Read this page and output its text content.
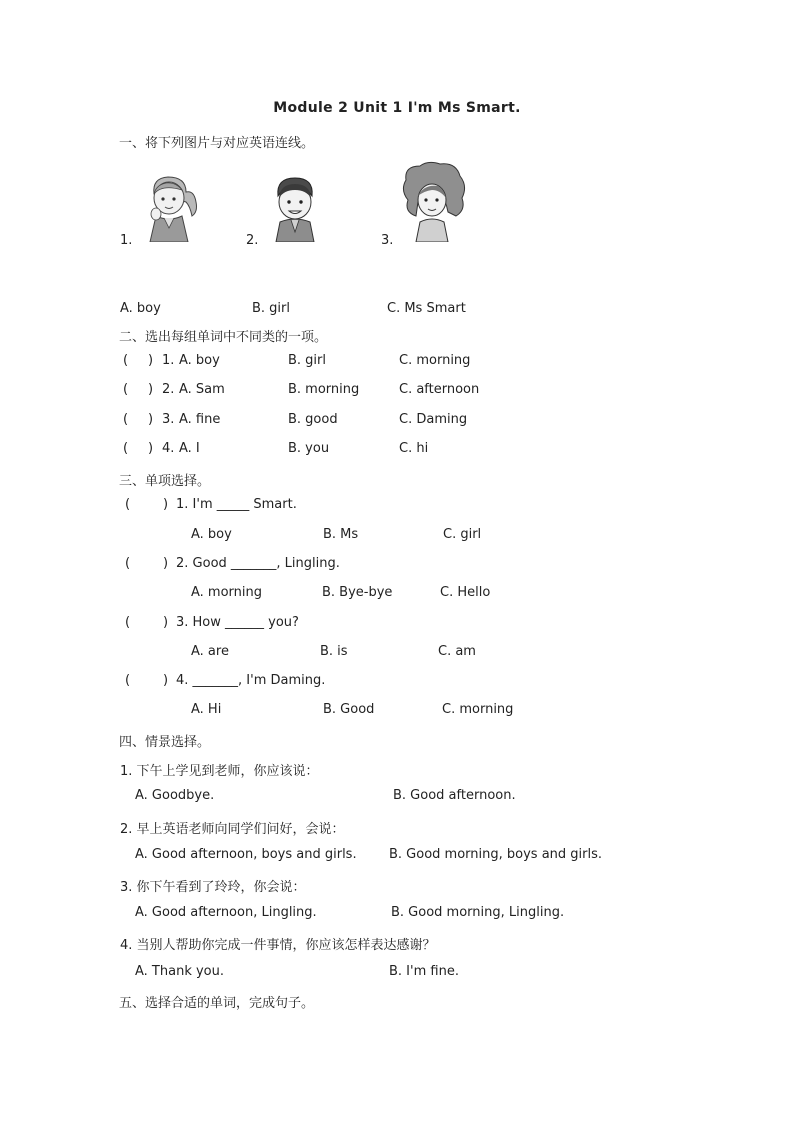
Module 2 Unit 1 I'm Ms Smart.
一、将下列图片与对应英语连线。
1.	2.	3.
A. boy	B. girl	C. Ms Smart
二、选出每组单词中不同类的一项。
( ) 1. A. boy	B. girl	C. morning
( ) 2. A. Sam	B. morning	C. afternoon
( ) 3. A. fine	B. good	C. Daming
( ) 4. A. I	B. you	C. hi
三、单项选择。
(	) 1. I'm _____ Smart.
A. boy	B. Ms	C. girl
(	) 2. Good _______, Lingling.
A. morning	B. Bye-bye	C. Hello
(	) 3. How ______ you?
A. are	B. is	C. am
(	) 4. _______, I'm Daming.
A. Hi	B. Good	C. morning
四、情景选择。
1. 下午上学见到老师，你应该说：
A. Goodbye.	B. Good afternoon.
2. 早上英语老师向同学们问好，会说：
A. Good afternoon, boys and girls. B. Good morning, boys and girls.
3. 你下午看到了玲玲，你会说：
A. Good afternoon, Lingling.	B. Good morning, Lingling.
4. 当别人帮助你完成一件事情，你应该怎样表达感谢？
A. Thank you.	B. I'm fine.
五、选择合适的单词，完成句子。
